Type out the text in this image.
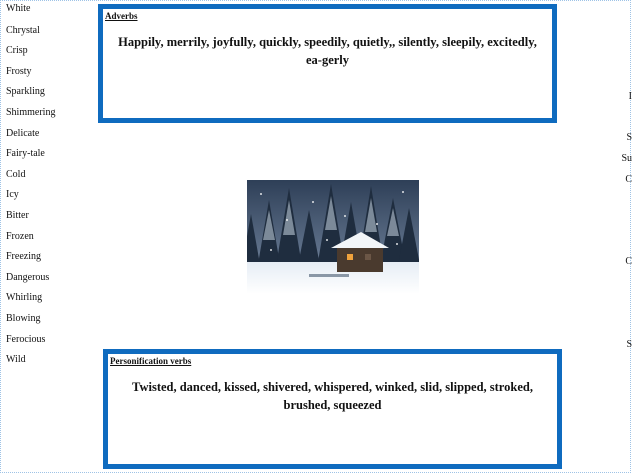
White
Chrystal
Crisp
Frosty
Sparkling
Shimmering
Delicate
Fairy-tale
Cold
Icy
Bitter
Frozen
Freezing
Dangerous
Whirling
Blowing
Ferocious
Wild
Adverbs
Happily, merrily, joyfully, quickly, speedily, quietly,, silently, sleepily, excitedly, ea-gerly
Personification verbs
Twisted, danced, kissed, shivered, whispered, winked, slid, slipped, stroked, brushed, squeezed
I
S
Su
C
C
S
